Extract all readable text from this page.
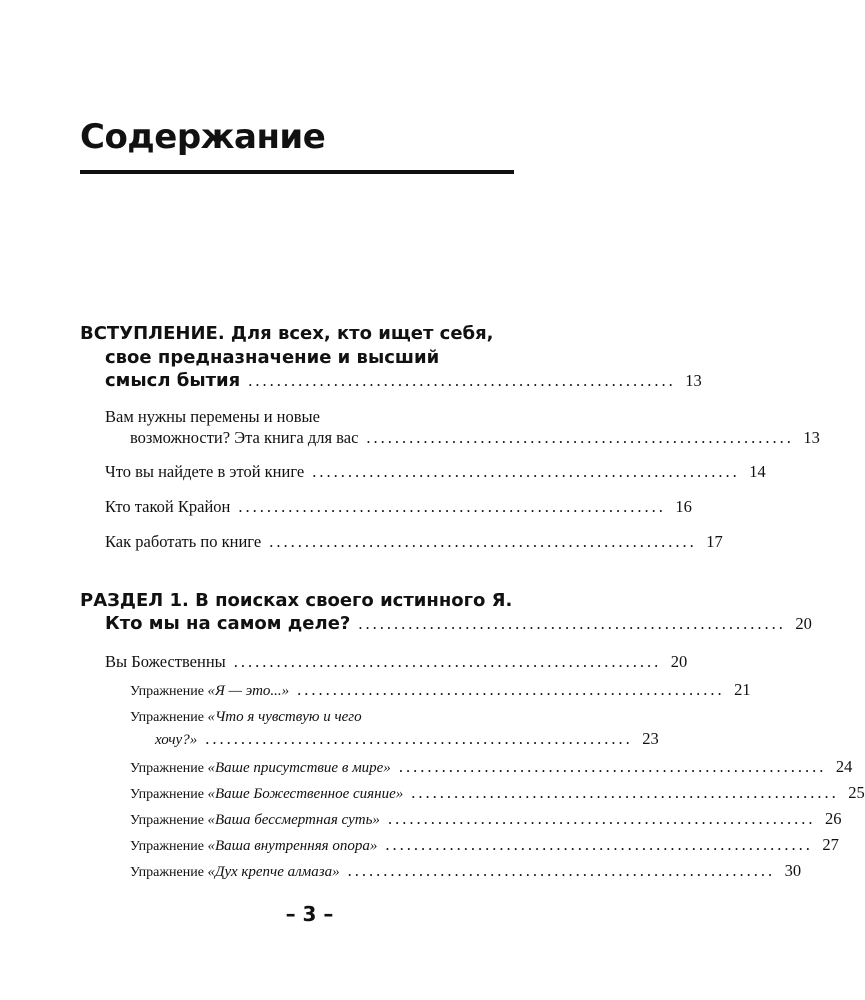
Содержание
ВСТУПЛЕНИЕ. Для всех, кто ищет себя,
свое предназначение и высший
смысл бытия ............................................................ 13
Вам нужны перемены и новые
возможности? Эта книга для вас ............................................................ 13
Что вы найдете в этой книге ............................................................ 14
Кто такой Крайон ............................................................ 16
Как работать по книге ............................................................ 17
РАЗДЕЛ 1. В поисках своего истинного Я.
Кто мы на самом деле? ............................................................ 20
Вы Божественны ............................................................ 20
Упражнение «Я — это...» ............................................................ 21
Упражнение «Что я чувствую и чего
хочу?» ............................................................ 23
Упражнение «Ваше присутствие в мире» ............................................................ 24
Упражнение «Ваше Божественное сияние» ............................................................ 25
Упражнение «Ваша бессмертная суть» ............................................................ 26
Упражнение «Ваша внутренняя опора» ............................................................ 27
Упражнение «Дух крепче алмаза» ............................................................ 30
– 3 –
